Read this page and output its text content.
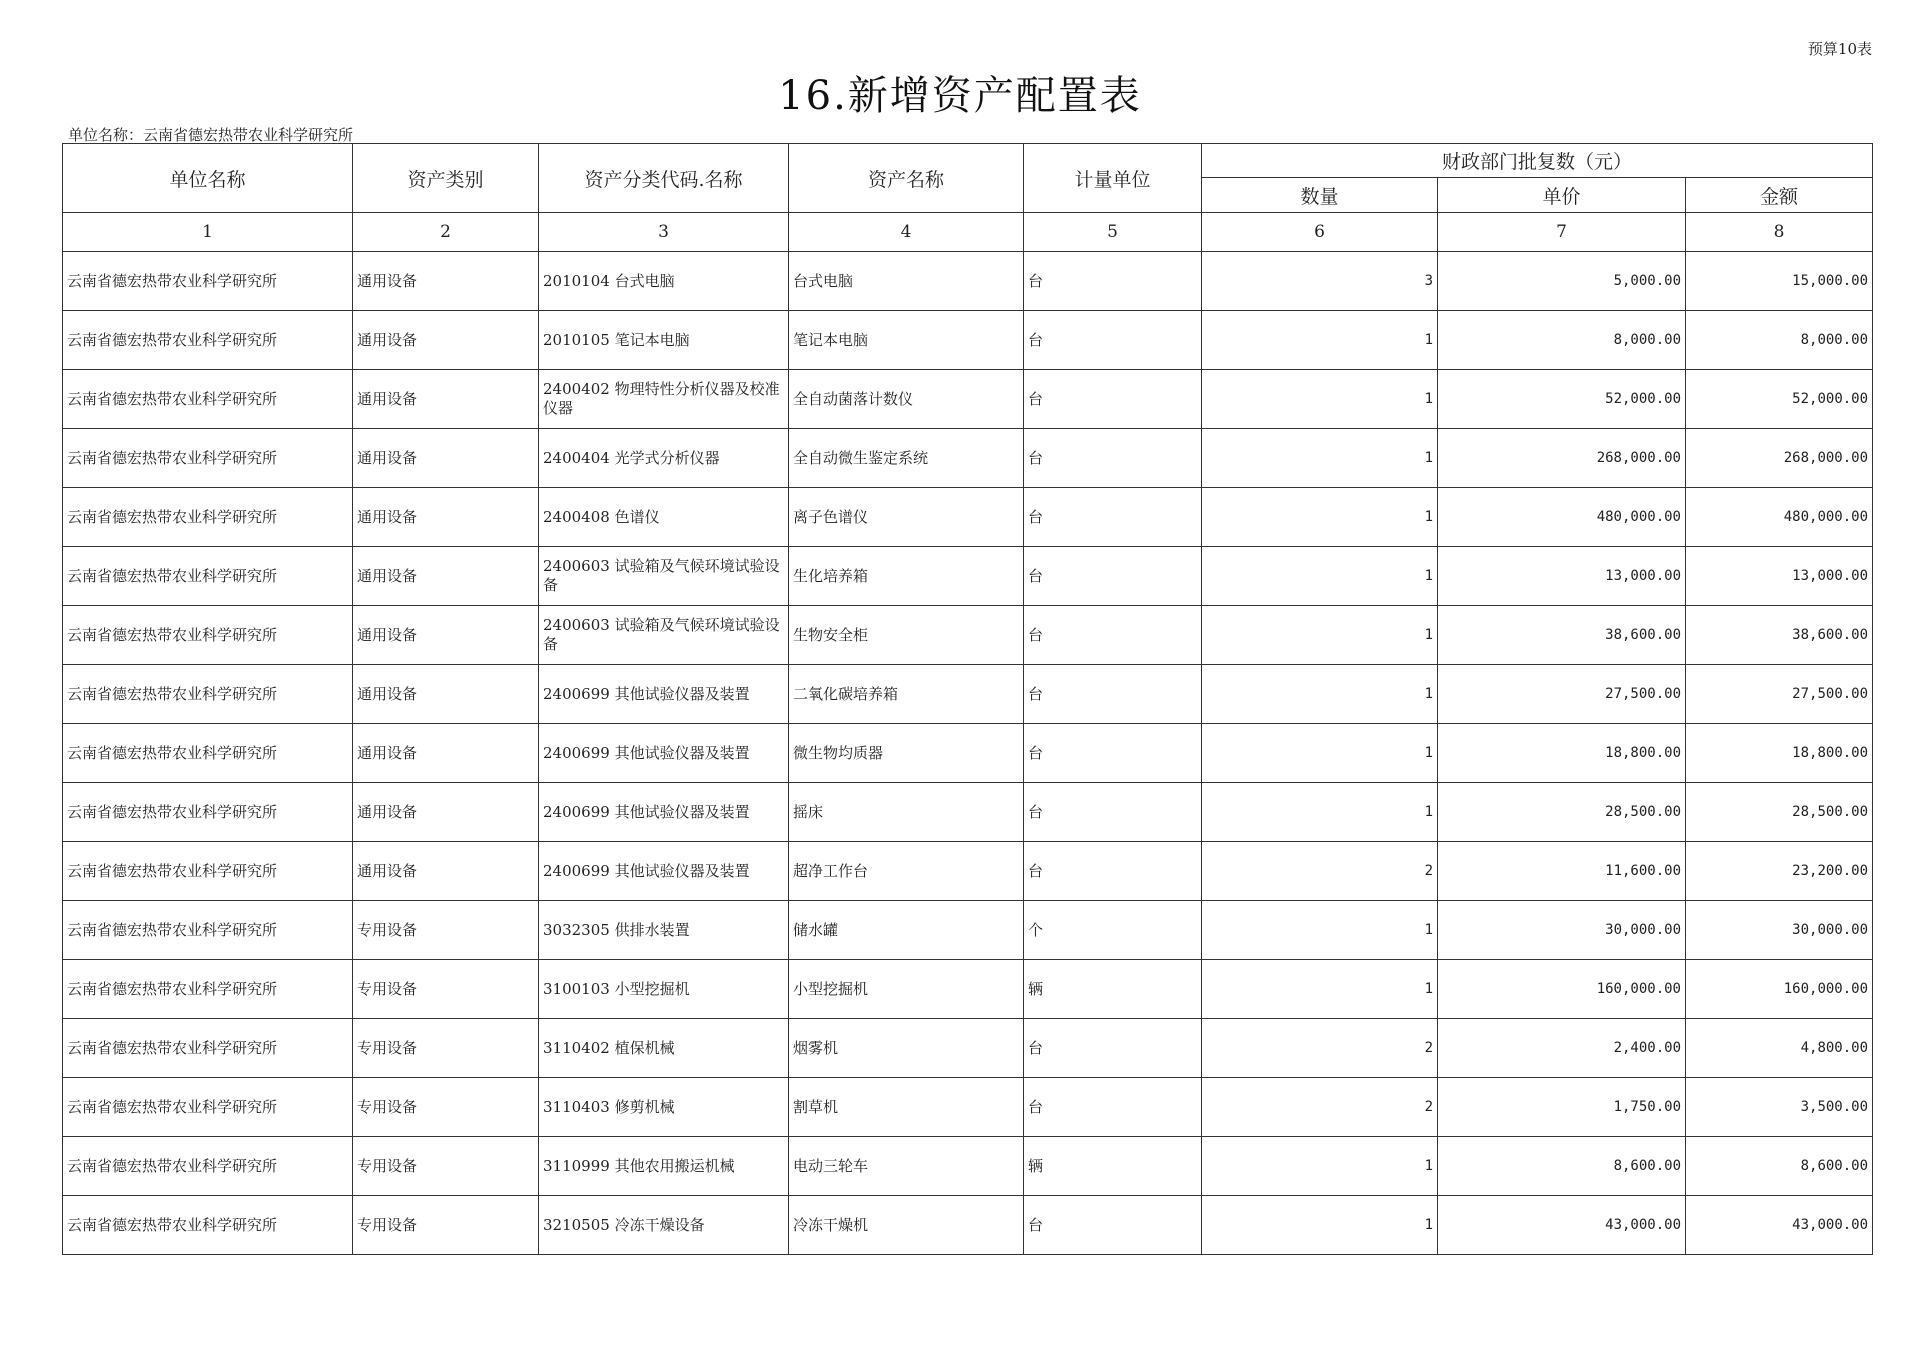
预算10表
16.新增资产配置表
单位名称：云南省德宏热带农业科学研究所
单位名称	资产类别	资产分类代码.名称	资产名称	计量单位	财政部门批复数（元）		
					数量	单价	金额
1	2	3	4	5	6	7	8
云南省德宏热带农业科学研究所	通用设备	2010104 台式电脑	台式电脑	台	3	5,000.00	15,000.00
云南省德宏热带农业科学研究所	通用设备	2010105 笔记本电脑	笔记本电脑	台	1	8,000.00	8,000.00
云南省德宏热带农业科学研究所	通用设备	2400402 物理特性分析仪器及校准仪器	全自动菌落计数仪	台	1	52,000.00	52,000.00
云南省德宏热带农业科学研究所	通用设备	2400404 光学式分析仪器	全自动微生鉴定系统	台	1	268,000.00	268,000.00
云南省德宏热带农业科学研究所	通用设备	2400408 色谱仪	离子色谱仪	台	1	480,000.00	480,000.00
云南省德宏热带农业科学研究所	通用设备	2400603 试验箱及气候环境试验设备	生化培养箱	台	1	13,000.00	13,000.00
云南省德宏热带农业科学研究所	通用设备	2400603 试验箱及气候环境试验设备	生物安全柜	台	1	38,600.00	38,600.00
云南省德宏热带农业科学研究所	通用设备	2400699 其他试验仪器及装置	二氧化碳培养箱	台	1	27,500.00	27,500.00
云南省德宏热带农业科学研究所	通用设备	2400699 其他试验仪器及装置	微生物均质器	台	1	18,800.00	18,800.00
云南省德宏热带农业科学研究所	通用设备	2400699 其他试验仪器及装置	摇床	台	1	28,500.00	28,500.00
云南省德宏热带农业科学研究所	通用设备	2400699 其他试验仪器及装置	超净工作台	台	2	11,600.00	23,200.00
云南省德宏热带农业科学研究所	专用设备	3032305 供排水装置	储水罐	个	1	30,000.00	30,000.00
云南省德宏热带农业科学研究所	专用设备	3100103 小型挖掘机	小型挖掘机	辆	1	160,000.00	160,000.00
云南省德宏热带农业科学研究所	专用设备	3110402 植保机械	烟雾机	台	2	2,400.00	4,800.00
云南省德宏热带农业科学研究所	专用设备	3110403 修剪机械	割草机	台	2	1,750.00	3,500.00
云南省德宏热带农业科学研究所	专用设备	3110999 其他农用搬运机械	电动三轮车	辆	1	8,600.00	8,600.00
云南省德宏热带农业科学研究所	专用设备	3210505 冷冻干燥设备	冷冻干燥机	台	1	43,000.00	43,000.00
